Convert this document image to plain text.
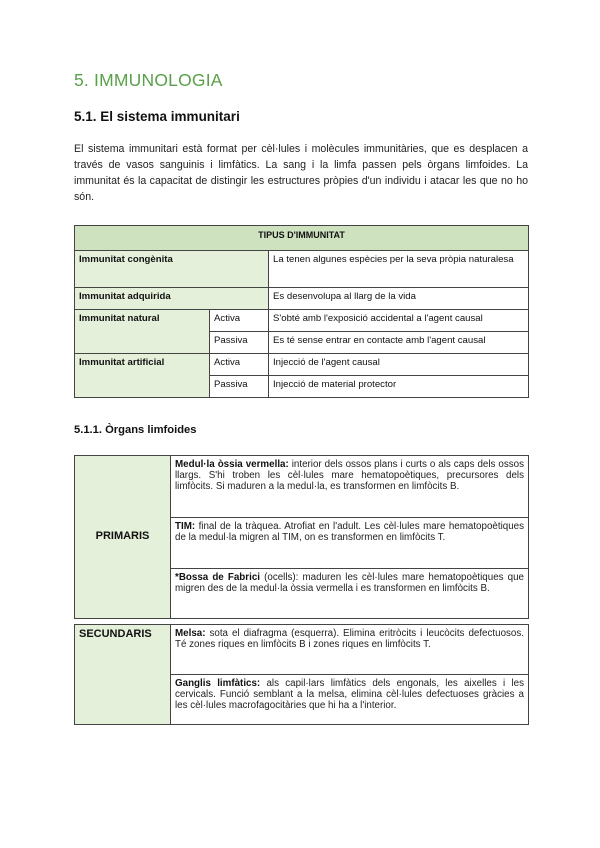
5. IMMUNOLOGIA
5.1. El sistema immunitari

El sistema immunitari està format per cèl·lules i molècules immunitàries, que es desplacen a través de vasos sanguinis i limfàtics. La sang i la limfa passen pels òrgans limfoides. La immunitat és la capacitat de distingir les estructures pròpies d'un individu i atacar les que no ho són.

TIPUS D'IMMUNITAT		
Immunitat congènita		La tenen algunes espècies per la seva pròpia naturalesa
Immunitat adquirida		Es desenvolupa al llarg de la vida
Immunitat natural	Activa	S'obté amb l'exposició accidental a l'agent causal
	Passiva	Es té sense entrar en contacte amb l'agent causal
Immunitat artificial	Activa	Injecció de l'agent causal
	Passiva	Injecció de material protector
5.1.1. Òrgans limfoides
PRIMARIS	Medul·la òssia vermella: interior dels ossos plans i curts o als caps dels ossos llargs. S'hi troben les cèl·lules mare hematopoètiques, precursores dels limfòcits. Si maduren a la medul·la, es transformen en limfòcits B.
TIM: final de la tràquea. Atrofiat en l'adult. Les cèl·lules mare hematopoètiques de la medul·la migren al TIM, on es transformen en limfòcits T.
*Bossa de Fabrici (ocells): maduren les cèl·lules mare hematopoètiques que migren des de la medul·la òssia vermella i es transformen en limfòcits B.
SECUNDARIS	Melsa: sota el diafragma (esquerra). Elimina eritròcits i leucòcits defectuosos. Té zones riques en limfòcits B i zones riques en limfòcits T.
Ganglis limfàtics: als capil·lars limfàtics dels engonals, les aixelles i les cervicals. Funció semblant a la melsa, elimina cèl·lules defectuoses gràcies a les cèl·lules macrofagocitàries que hi ha a l'interior.
